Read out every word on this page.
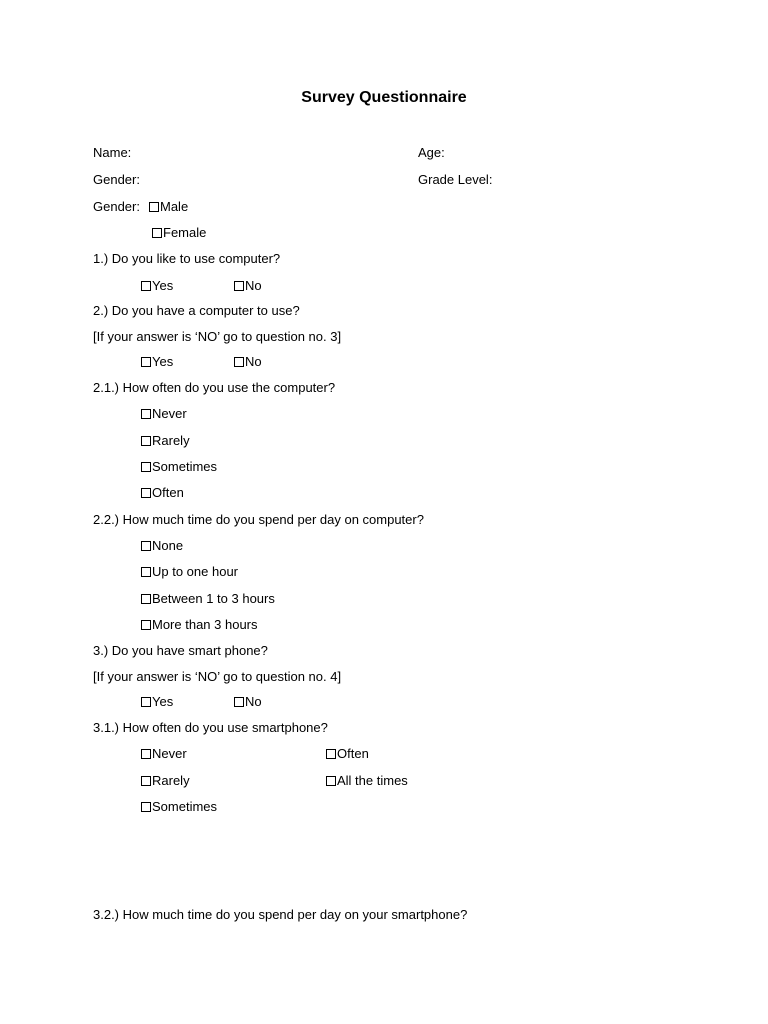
Survey Questionnaire
Name:	Age:
Gender:	Grade Level:
Gender:	Male
Female
1.) Do you like to use computer?
Yes	No
2.) Do you have a computer to use?
[If your answer is ‘NO’ go to question no. 3]
Yes	No
2.1.) How often do you use the computer?
Never
Rarely
Sometimes
Often
2.2.) How much time do you spend per day on computer?
None
Up to one hour
Between 1 to 3 hours
More than 3 hours
3.) Do you have smart phone?
[If your answer is ‘NO’ go to question no. 4]
Yes	No
3.1.) How often do you use smartphone?
Never	Often
Rarely	All the times
Sometimes
3.2.) How much time do you spend per day on your smartphone?
